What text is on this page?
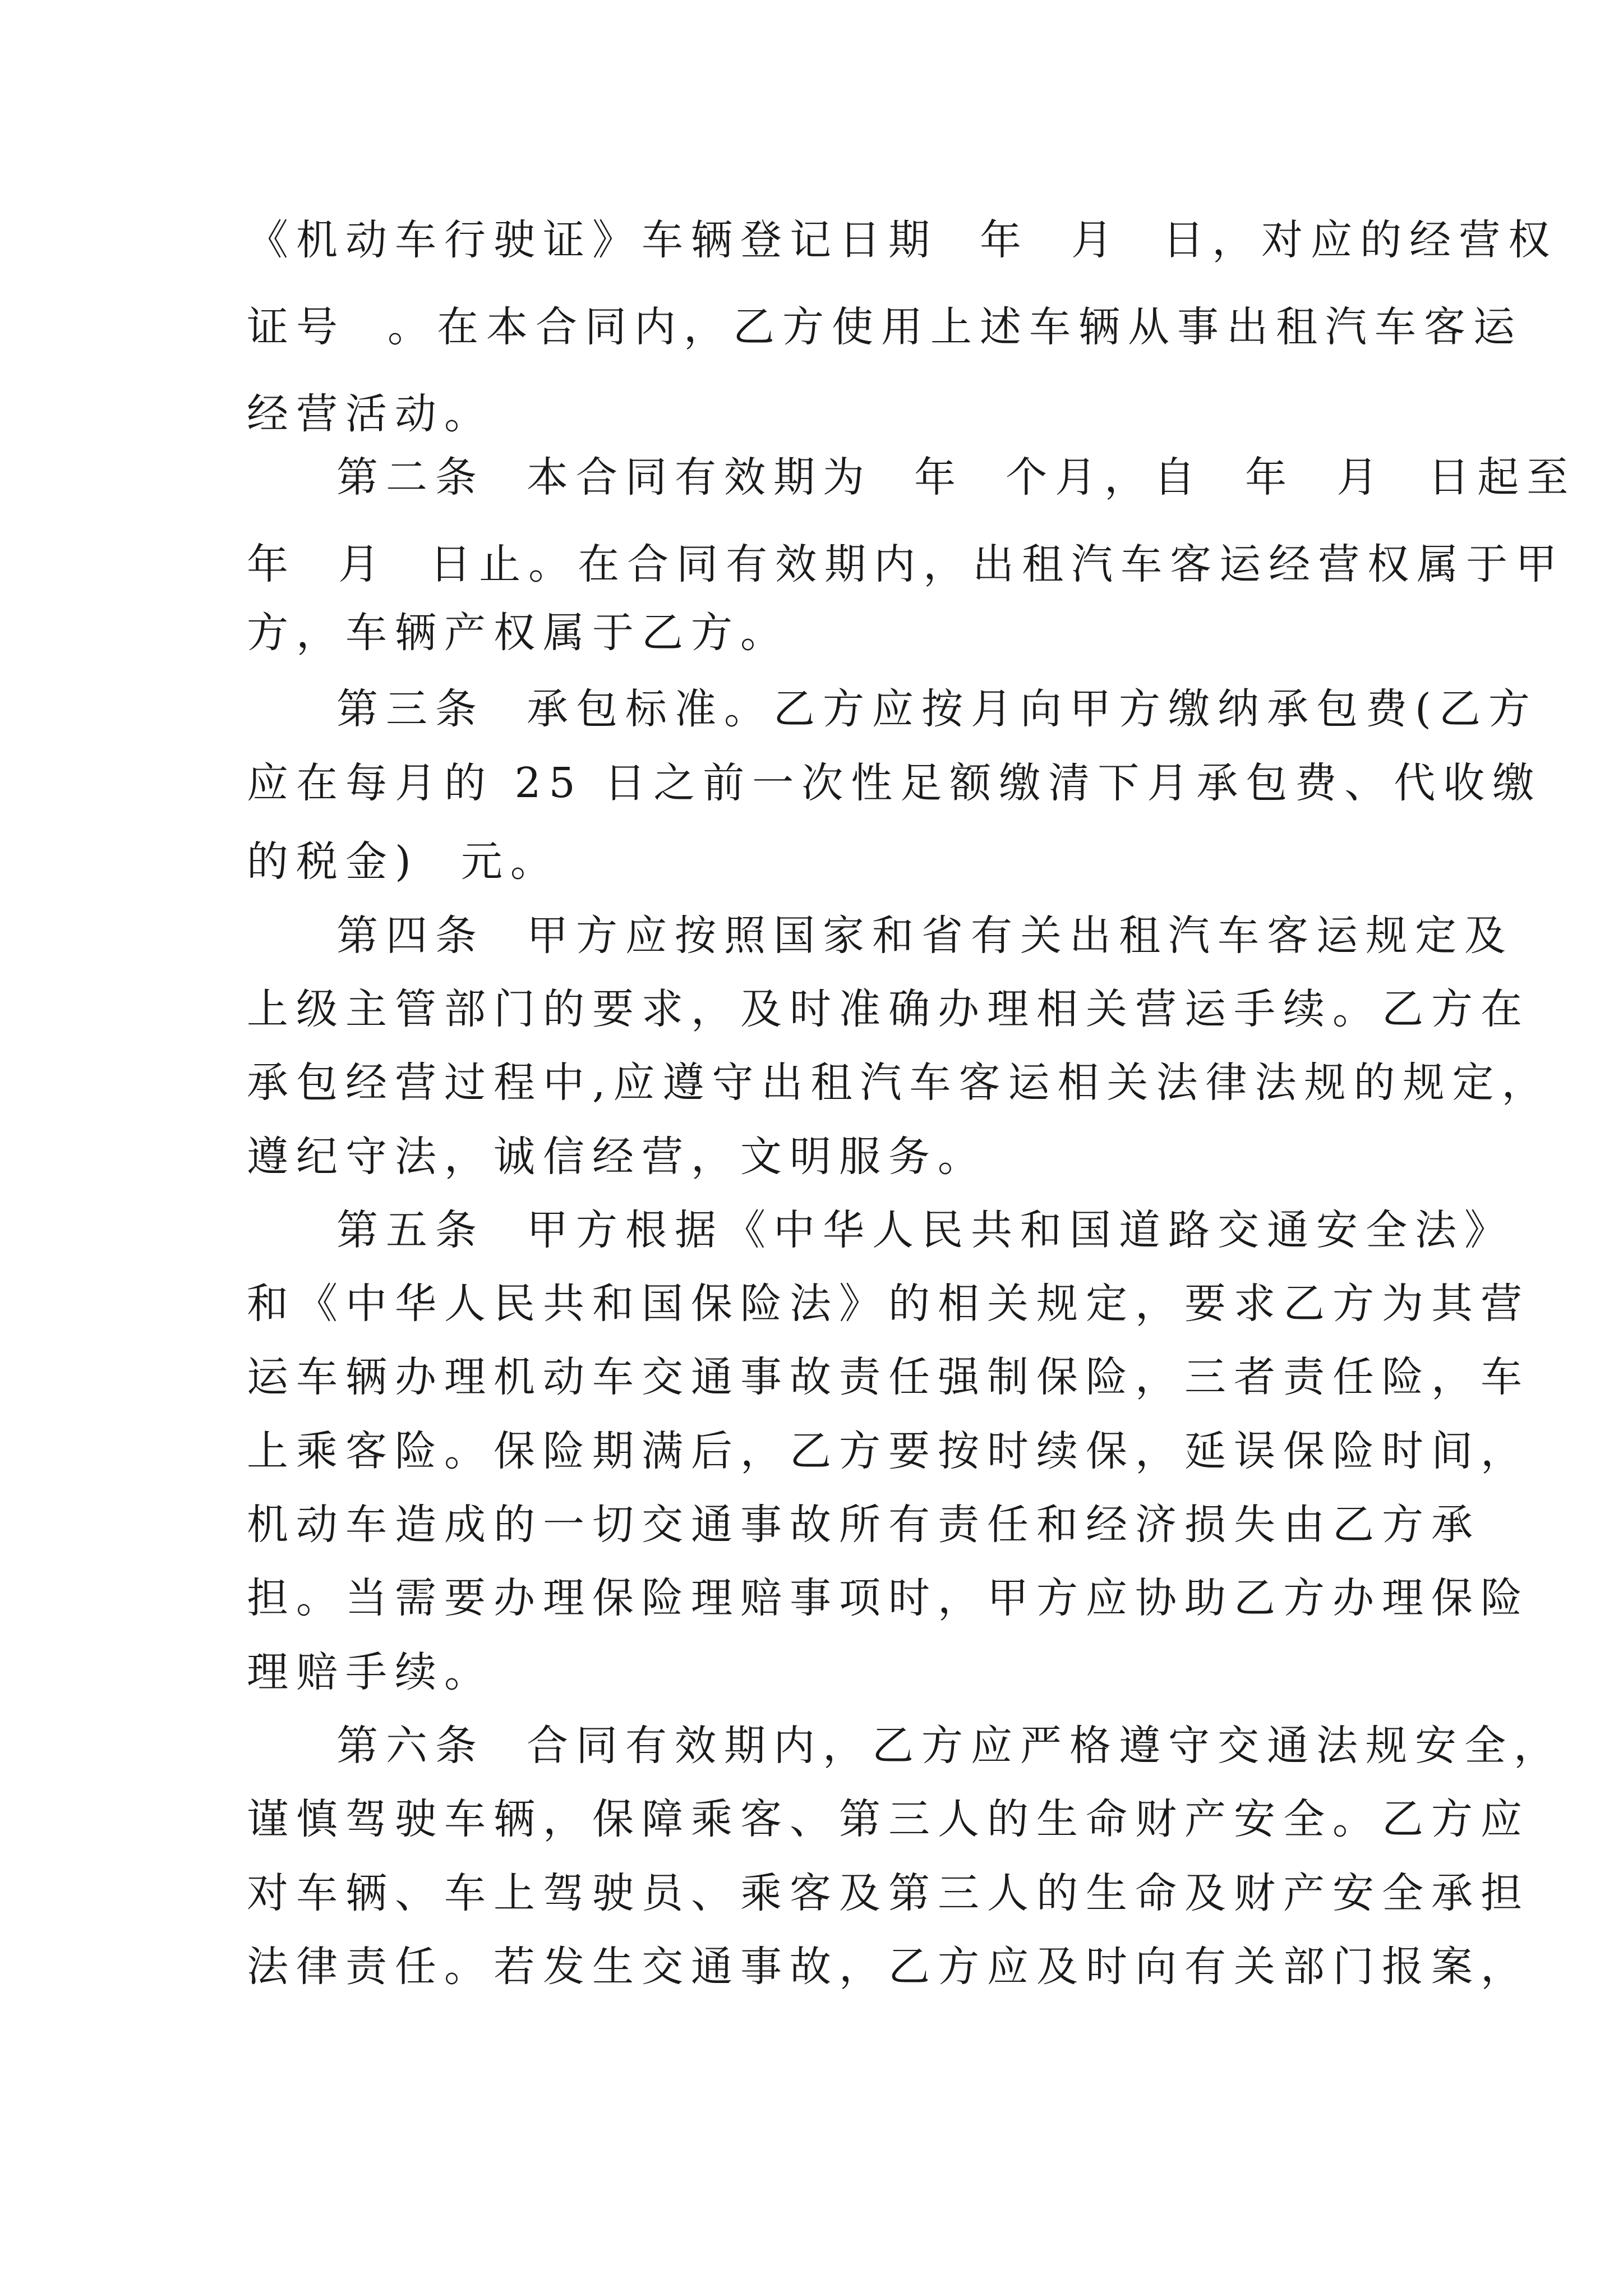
《机动车行驶证》车辆登记日期  年  月  日，对应的经营权
证号  。在本合同内，乙方使用上述车辆从事出租汽车客运
经营活动。
第二条  本合同有效期为  年  个月，自  年  月  日起至
年  月  日止。在合同有效期内，出租汽车客运经营权属于甲
方，车辆产权属于乙方。
第三条  承包标准。乙方应按月向甲方缴纳承包费(乙方
应在每月的 25 日之前一次性足额缴清下月承包费、代收缴
的税金)  元。
第四条  甲方应按照国家和省有关出租汽车客运规定及
上级主管部门的要求，及时准确办理相关营运手续。乙方在
承包经营过程中,应遵守出租汽车客运相关法律法规的规定，
遵纪守法，诚信经营，文明服务。
第五条  甲方根据《中华人民共和国道路交通安全法》
和《中华人民共和国保险法》的相关规定，要求乙方为其营
运车辆办理机动车交通事故责任强制保险，三者责任险，车
上乘客险。保险期满后，乙方要按时续保，延误保险时间，
机动车造成的一切交通事故所有责任和经济损失由乙方承
担。当需要办理保险理赔事项时，甲方应协助乙方办理保险
理赔手续。
第六条  合同有效期内，乙方应严格遵守交通法规安全，
谨慎驾驶车辆，保障乘客、第三人的生命财产安全。乙方应
对车辆、车上驾驶员、乘客及第三人的生命及财产安全承担
法律责任。若发生交通事故，乙方应及时向有关部门报案，
